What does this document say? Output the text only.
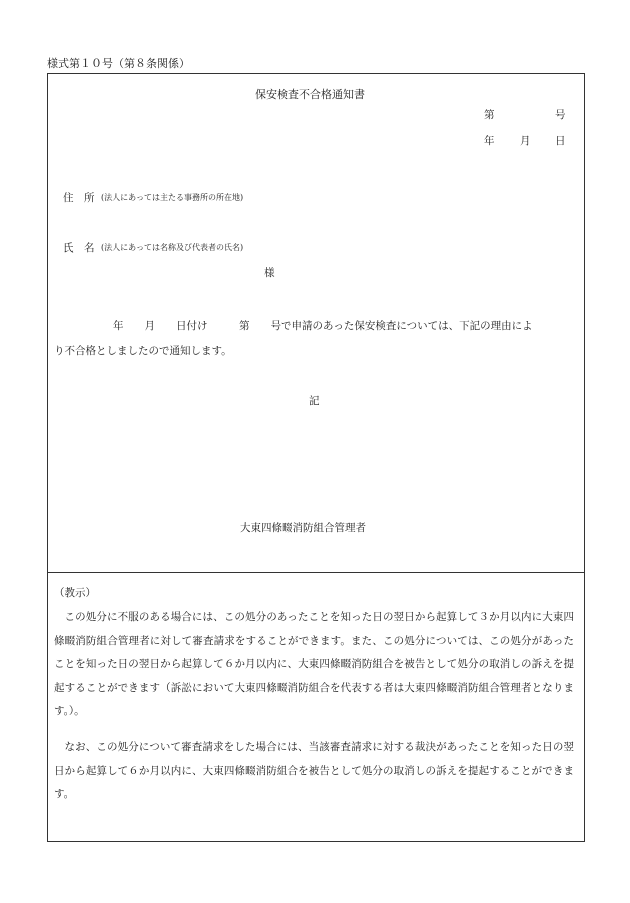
様式第１０号（第８条関係）
保安検査不合格通知書
第	号
年 月 日
住　所 (法人にあっては主たる事務所の所在地)
氏　名 (法人にあっては名称及び代表者の氏名)
様
年　　月　　日付け　　　第　　号で申請のあった保安検査については、下記の理由によ
り不合格としましたので通知します。
記
大東四條畷消防組合管理者
（教示）
この処分に不服のある場合には、この処分のあったことを知った日の翌日から起算して３か月以内に大東四條畷消防組合管理者に対して審査請求をすることができます。また、この処分については、この処分があったことを知った日の翌日から起算して６か月以内に、大東四條畷消防組合を被告として処分の取消しの訴えを提起することができます（訴訟において大東四條畷消防組合を代表する者は大東四條畷消防組合管理者となります。）。
なお、この処分について審査請求をした場合には、当該審査請求に対する裁決があったことを知った日の翌日から起算して６か月以内に、大東四條畷消防組合を被告として処分の取消しの訴えを提起することができます。
